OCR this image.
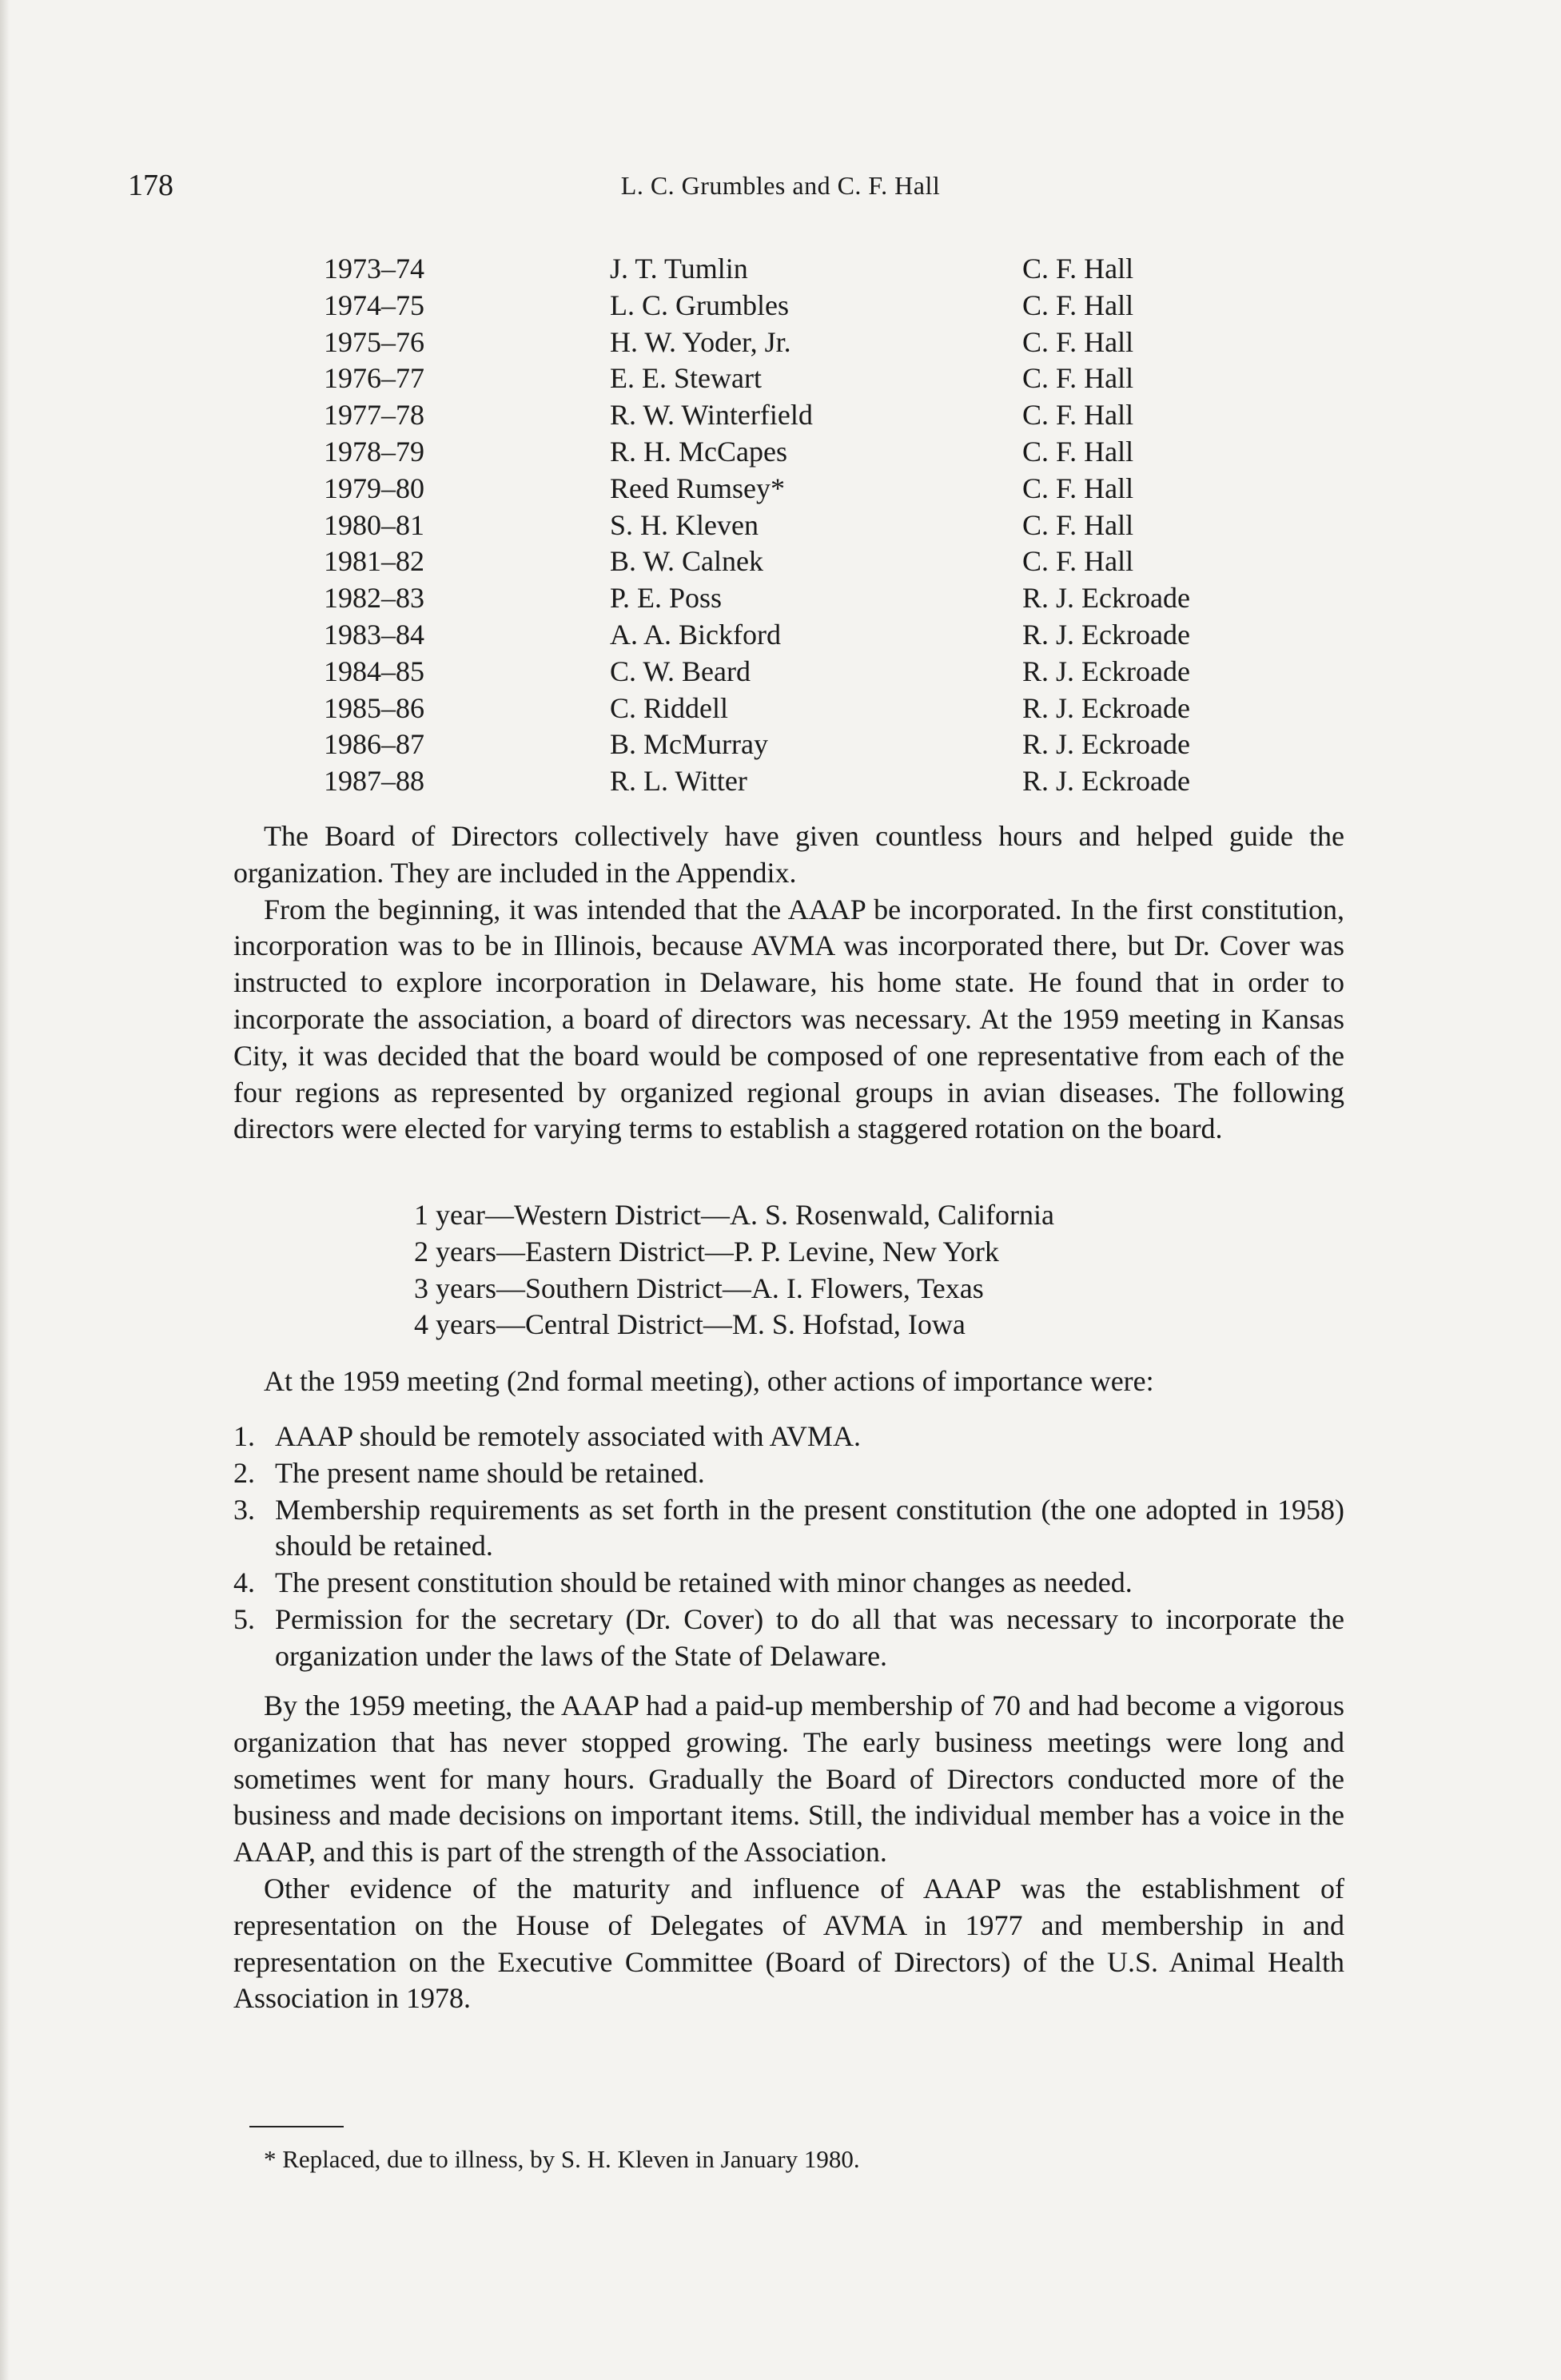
178	L. C. Grumbles and C. F. Hall
1973–74	J. T. Tumlin	C. F. Hall
1974–75	L. C. Grumbles	C. F. Hall
1975–76	H. W. Yoder, Jr.	C. F. Hall
1976–77	E. E. Stewart	C. F. Hall
1977–78	R. W. Winterfield	C. F. Hall
1978–79	R. H. McCapes	C. F. Hall
1979–80	Reed Rumsey*	C. F. Hall
1980–81	S. H. Kleven	C. F. Hall
1981–82	B. W. Calnek	C. F. Hall
1982–83	P. E. Poss	R. J. Eckroade
1983–84	A. A. Bickford	R. J. Eckroade
1984–85	C. W. Beard	R. J. Eckroade
1985–86	C. Riddell	R. J. Eckroade
1986–87	B. McMurray	R. J. Eckroade
1987–88	R. L. Witter	R. J. Eckroade

The Board of Directors collectively have given countless hours and helped guide the organization. They are included in the Appendix.

From the beginning, it was intended that the AAAP be incorporated. In the first constitution, incorporation was to be in Illinois, because AVMA was incorporated there, but Dr. Cover was instructed to explore incorporation in Delaware, his home state. He found that in order to incorporate the association, a board of directors was necessary. At the 1959 meeting in Kansas City, it was decided that the board would be composed of one representative from each of the four regions as represented by organized regional groups in avian diseases. The following directors were elected for varying terms to establish a staggered rotation on the board.

1 year—Western District—A. S. Rosenwald, California
2 years—Eastern District—P. P. Levine, New York
3 years—Southern District—A. I. Flowers, Texas
4 years—Central District—M. S. Hofstad, Iowa
At the 1959 meeting (2nd formal meeting), other actions of importance were:
1. AAAP should be remotely associated with AVMA.
2. The present name should be retained.
3. Membership requirements as set forth in the present constitution (the one adopted in 1958) should be retained.
4. The present constitution should be retained with minor changes as needed.
5. Permission for the secretary (Dr. Cover) to do all that was necessary to incorporate the organization under the laws of the State of Delaware.

By the 1959 meeting, the AAAP had a paid-up membership of 70 and had become a vigorous organization that has never stopped growing. The early business meetings were long and sometimes went for many hours. Gradually the Board of Directors conducted more of the business and made decisions on important items. Still, the individual member has a voice in the AAAP, and this is part of the strength of the Association.

Other evidence of the maturity and influence of AAAP was the establishment of representation on the House of Delegates of AVMA in 1977 and membership in and representation on the Executive Committee (Board of Directors) of the U.S. Animal Health Association in 1978.

* Replaced, due to illness, by S. H. Kleven in January 1980.
